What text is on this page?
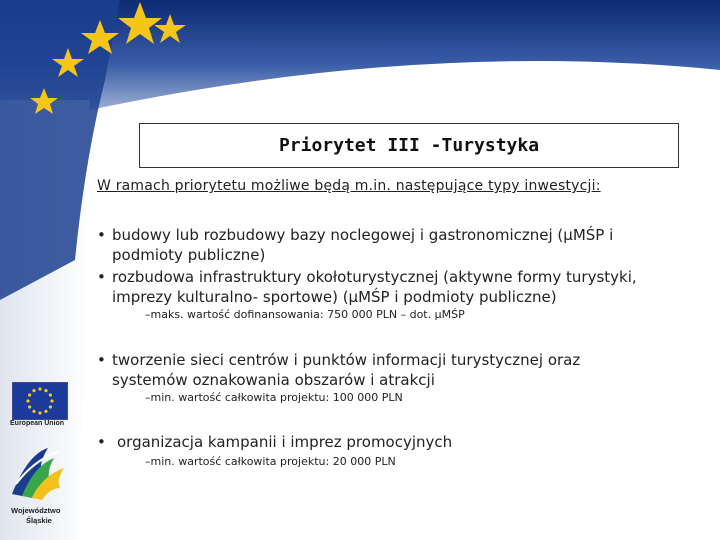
Priorytet III -Turystyka
W ramach priorytetu możliwe będą m.in. następujące typy inwestycji:
• budowy lub rozbudowy bazy noclegowej i gastronomicznej (μMŚP i podmioty publiczne)
• rozbudowa infrastruktury okołoturystycznej (aktywne formy turystyki, imprezy kulturalno- sportowe) (μMŚP i podmioty publiczne)
–maks. wartość dofinansowania: 750 000 PLN – dot. μMŚP
• tworzenie sieci centrów i punktów informacji turystycznej oraz systemów oznakowania obszarów i atrakcji
–min. wartość całkowita projektu: 100 000 PLN
• organizacja kampanii i imprez promocyjnych
–min. wartość całkowita projektu: 20 000 PLN
European Union
Województwo
Śląskie
